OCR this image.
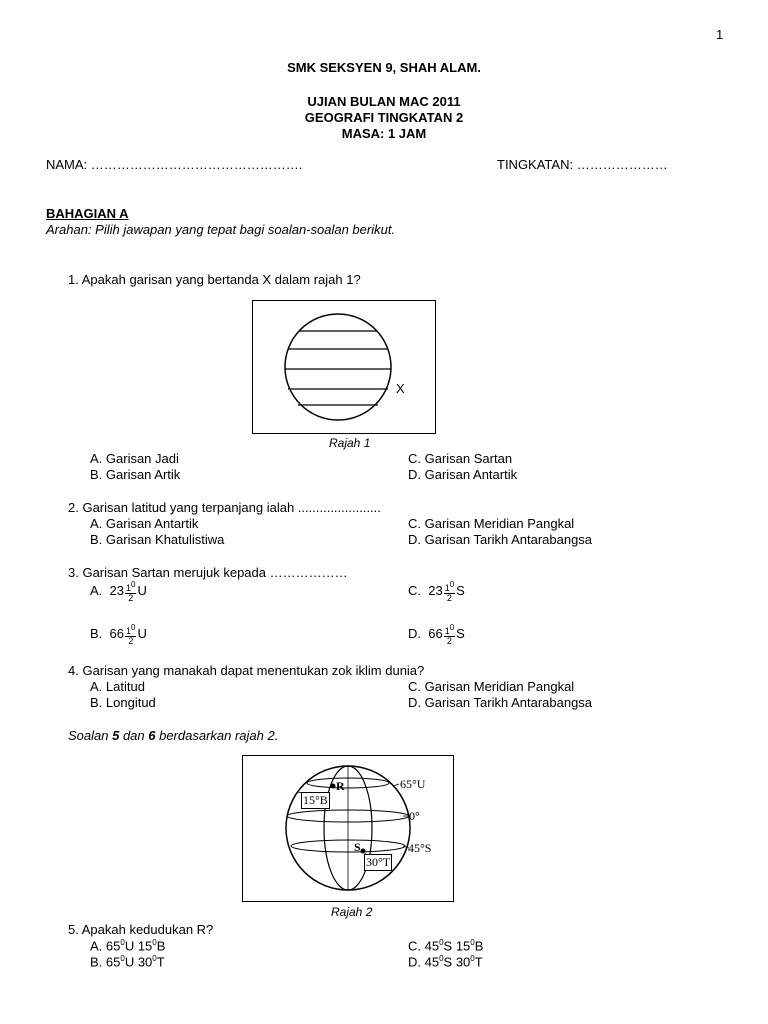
1
SMK SEKSYEN 9, SHAH ALAM.
UJIAN BULAN MAC 2011
GEOGRAFI TINGKATAN 2
MASA: 1 JAM
NAMA: ………………………………………….	TINGKATAN: …………………
BAHAGIAN A
Arahan: Pilih jawapan yang tepat bagi soalan-soalan berikut.
1. Apakah garisan yang bertanda X dalam rajah 1?
X
Rajah 1
A. Garisan Jadi
B. Garisan Artik
C. Garisan Sartan
D. Garisan Antartik
2. Garisan latitud yang terpanjang ialah .......................
A. Garisan Antartik
B. Garisan Khatulistiwa
C. Garisan Meridian Pangkal
D. Garisan Tarikh Antarabangsa
3. Garisan Sartan merujuk kepada ………………
A. $23 \frac{1^0}{2}$ U
B. $66 \frac{1^0}{2}$ U
C. $23 \frac{1^0}{2}$ S
D. $66 \frac{1^0}{2}$ S
4. Garisan yang manakah dapat menentukan zok iklim dunia?
A. Latitud
B. Longitud
C. Garisan Meridian Pangkal
D. Garisan Tarikh Antarabangsa
Soalan 5 dan 6 berdasarkan rajah 2.
R
S
65°U
0°
45°S
15°B
30°T
Rajah 2
5. Apakah kedudukan R?
A. $65^0U$ $15^0B$
B. $65^0U$ $30^0T$
C. $45^0S$ $15^0B$
D. $45^0S$ $30^0T$
